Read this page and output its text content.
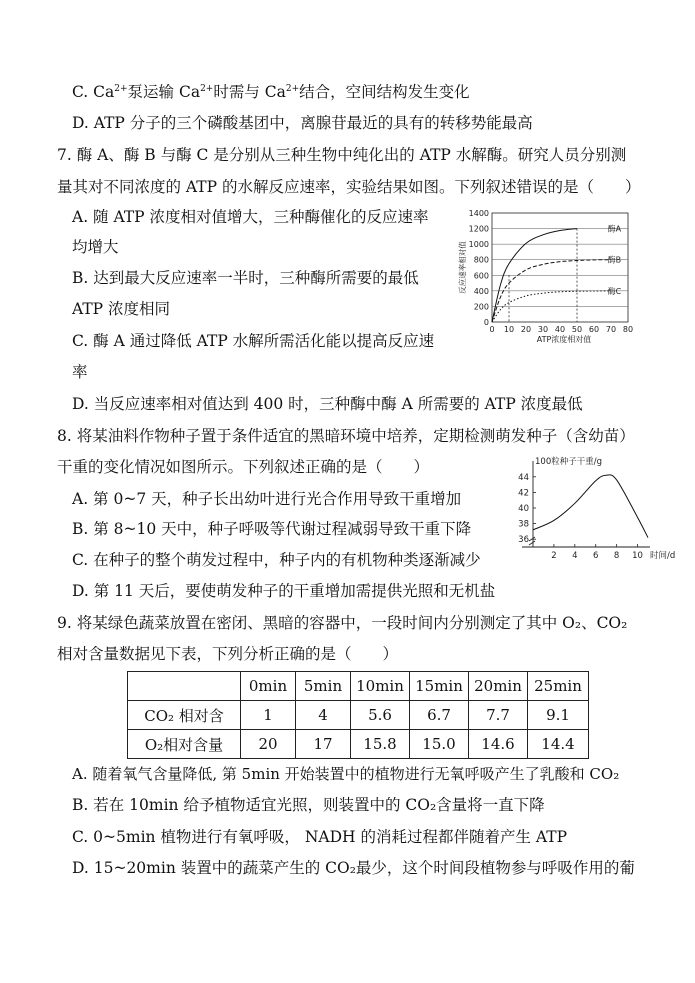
C. $Ca^{2+}$泵运输 $Ca^{2+}$时需与 $Ca^{2+}$结合，空间结构发生变化
D. ATP 分子的三个磷酸基团中，离腺苷最近的具有的转移势能最高
7. 酶 A、酶 B 与酶 C 是分别从三种生物中纯化出的 ATP 水解酶。研究人员分别测
量其对不同浓度的 ATP 的水解反应速率，实验结果如图。下列叙述错误的是（　　）
A. 随 ATP 浓度相对值增大，三种酶催化的反应速率
均增大
B. 达到最大反应速率一半时，三种酶所需要的最低
ATP 浓度相同
C. 酶 A 通过降低 ATP 水解所需活化能以提高反应速
率
D. 当反应速率相对值达到 400 时，三种酶中酶 A 所需要的 ATP 浓度最低
0
200
400
600
800
1000
1200
1400
0 10 20 30 40 50 60 70 80
反应速率相对值
ATP浓度相对值
酶A
酶B
酶C
8. 将某油料作物种子置于条件适宜的黑暗环境中培养，定期检测萌发种子（含幼苗）
干重的变化情况如图所示。下列叙述正确的是（　　）
A. 第 0~7 天，种子长出幼叶进行光合作用导致干重增加
B. 第 8~10 天中，种子呼吸等代谢过程减弱导致干重下降
C. 在种子的整个萌发过程中，种子内的有机物种类逐渐减少
D. 第 11 天后，要使萌发种子的干重增加需提供光照和无机盐
36
38
40
42
44
2 4 6 8 10
100粒种子干重/g
时间/d
9. 将某绿色蔬菜放置在密闭、黑暗的容器中，一段时间内分别测定了其中 O₂、CO₂
相对含量数据见下表，下列分析正确的是（　　）
	0min	5min	10min	15min	20min	25min
CO₂ 相对含	1	4	5.6	6.7	7.7	9.1
O₂相对含量	20	17	15.8	15.0	14.6	14.4
A. 随着氧气含量降低, 第 5min 开始装置中的植物进行无氧呼吸产生了乳酸和 CO₂
B. 若在 10min 给予植物适宜光照，则装置中的 CO₂含量将一直下降
C. 0~5min 植物进行有氧呼吸， NADH 的消耗过程都伴随着产生 ATP
D. 15~20min 装置中的蔬菜产生的 CO₂最少，这个时间段植物参与呼吸作用的葡
